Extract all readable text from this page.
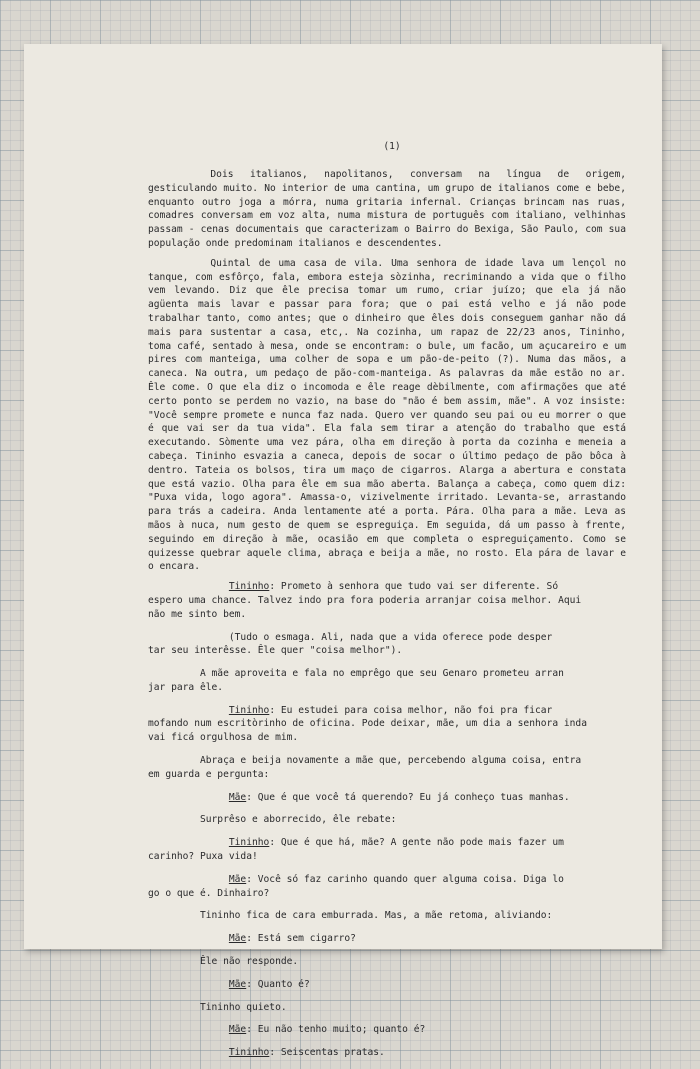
(1)

Dois italianos, napolitanos, conversam na língua de origem, gesticulando muito. No interior de uma cantina, um grupo de italianos come e bebe, enquanto outro joga a mórra, numa gritaria infernal. Crianças brincam nas ruas, comadres conversam em voz alta, numa mistura de português com italiano, velhinhas passam - cenas documentais que caracterizam o Bairro do Bexiga, São Paulo, com sua população onde predominam italianos e descendentes.

Quintal de uma casa de vila. Uma senhora de idade lava um lençol no tanque, com esfôrço, fala, embora esteja sòzinha, recriminando a vida que o filho vem levando. Diz que êle precisa tomar um rumo, criar juízo; que ela já não agüenta mais lavar e passar para fora; que o pai está velho e já não pode trabalhar tanto, como antes; que o dinheiro que êles dois conseguem ganhar não dá mais para sustentar a casa, etc,. Na cozinha, um rapaz de 22/23 anos, Tininho, toma café, sentado à mesa, onde se encontram: o bule, um facão, um açucareiro e um pires com manteiga, uma colher de sopa e um pão-de-peito (?). Numa das mãos, a caneca. Na outra, um pedaço de pão-com-manteiga. As palavras da mãe estão no ar. Êle come. O que ela diz o incomoda e êle reage dèbilmente, com afirmações que até certo ponto se perdem no vazio, na base do "não é bem assim, mãe". A voz insiste: "Você sempre promete e nunca faz nada. Quero ver quando seu pai ou eu morrer o que é que vai ser da tua vida". Ela fala sem tirar a atenção do trabalho que está executando. Sòmente uma vez pára, olha em direção à porta da cozinha e meneia a cabeça. Tininho esvazia a caneca, depois de socar o último pedaço de pão bôca à dentro. Tateia os bolsos, tira um maço de cigarros. Alarga a abertura e constata que está vazio. Olha para êle em sua mão aberta. Balança a cabeça, como quem diz: "Puxa vida, logo agora". Amassa-o, vizivelmente irritado. Levanta-se, arrastando para trás a cadeira. Anda lentamente até a porta. Pára. Olha para a mãe. Leva as mãos à nuca, num gesto de quem se espreguiça. Em seguida, dá um passo à frente, seguindo em direção à mãe, ocasião em que completa o espreguiçamento. Como se quizesse quebrar aquele clima, abraça e beija a mãe, no rosto. Ela pára de lavar e o encara.

Tininho: Prometo à senhora que tudo vai ser diferente. Só

espero uma chance. Talvez indo pra fora poderia arranjar coisa melhor. Aqui

não me sinto bem.

(Tudo o esmaga. Ali, nada que a vida oferece pode desper

tar seu interêsse. Êle quer "coisa melhor").

A mãe aproveita e fala no emprêgo que seu Genaro prometeu arran

jar para êle.

Tininho: Eu estudei para coisa melhor, não foi pra ficar

mofando num escritòrinho de oficina. Pode deixar, mãe, um dia a senhora inda

vai ficá orgulhosa de mim.

Abraça e beija novamente a mãe que, percebendo alguma coisa, entra

em guarda e pergunta:

Mãe: Que é que você tá querendo? Eu já conheço tuas manhas.

Surprêso e aborrecido, êle rebate:

Tininho: Que é que há, mãe? A gente não pode mais fazer um

carinho? Puxa vida!

Mãe: Você só faz carinho quando quer alguma coisa. Diga lo

go o que é. Dinhairo?

Tininho fica de cara emburrada. Mas, a mãe retoma, aliviando:

Mãe: Está sem cigarro?

Êle não responde.

Mãe: Quanto é?

Tininho quieto.

Mãe: Eu não tenho muito; quanto é?

Tininho: Seiscentas pratas.
